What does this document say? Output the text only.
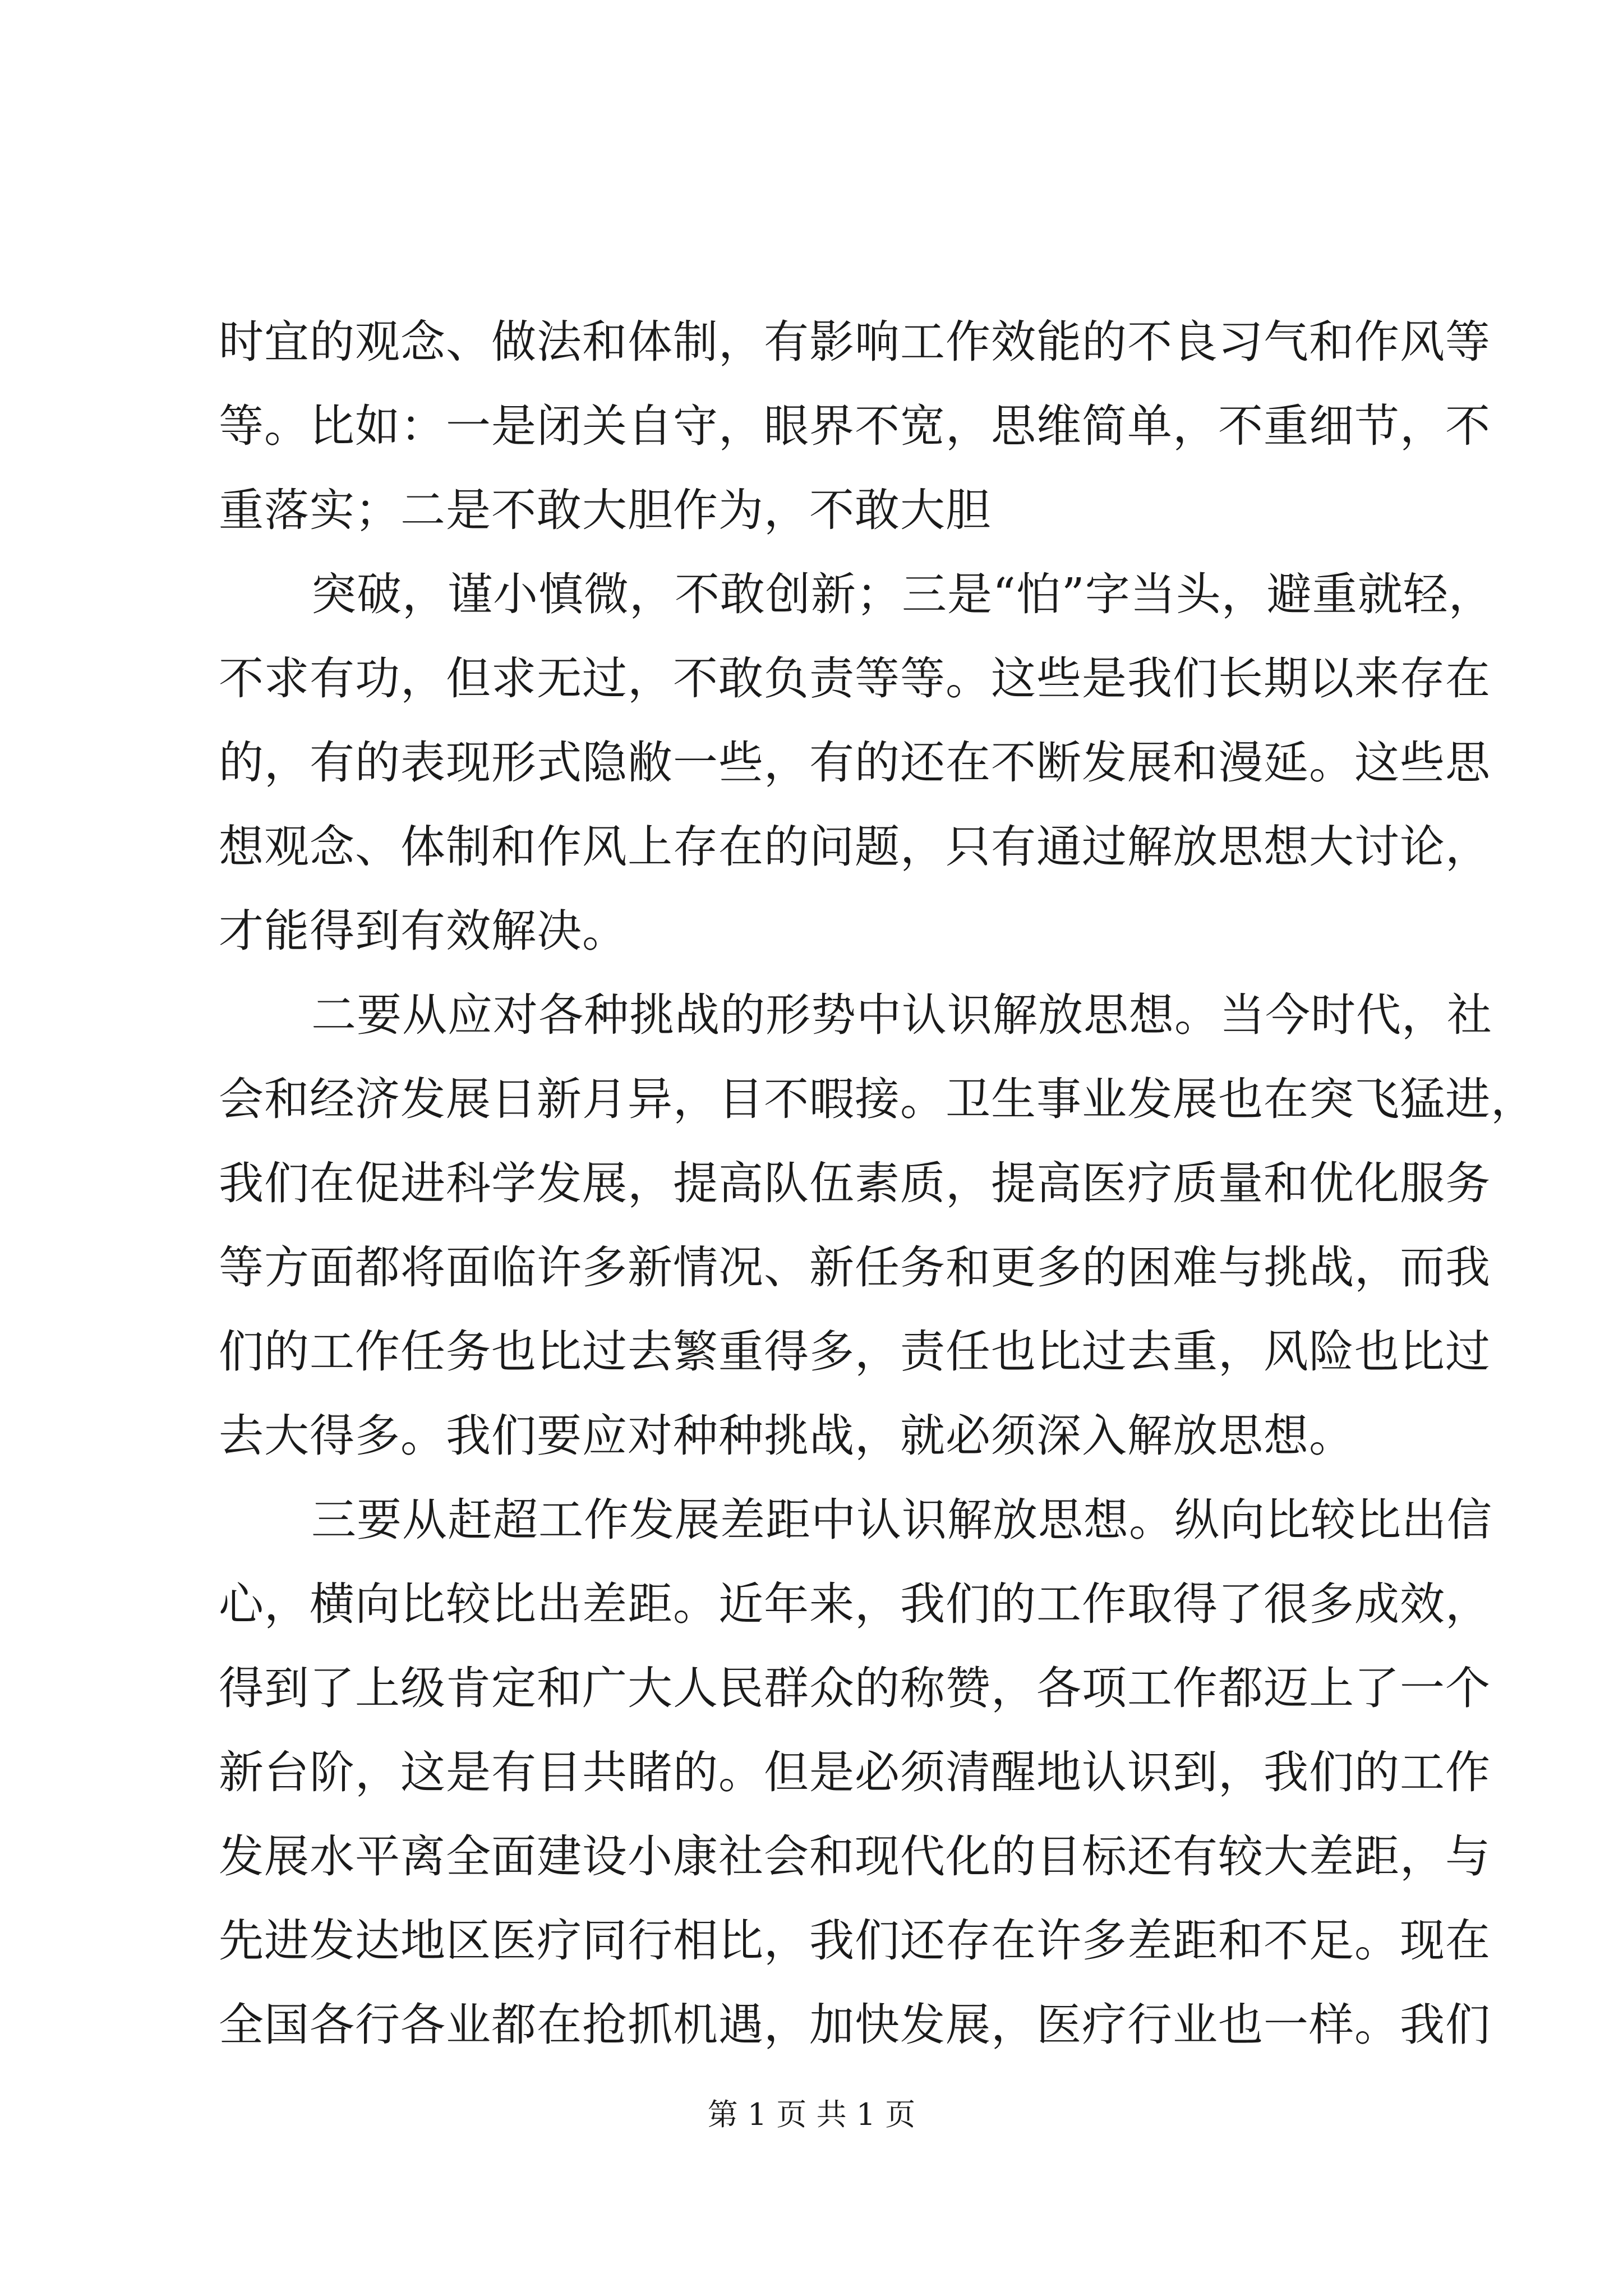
时宜的观念、做法和体制，有影响工作效能的不良习气和作风等
等。比如：一是闭关自守，眼界不宽，思维简单，不重细节，不
重落实；二是不敢大胆作为，不敢大胆
突破，谨小慎微，不敢创新；三是“怕”字当头，避重就轻，
不求有功，但求无过，不敢负责等等。这些是我们长期以来存在
的，有的表现形式隐敝一些，有的还在不断发展和漫延。这些思
想观念、体制和作风上存在的问题，只有通过解放思想大讨论，
才能得到有效解决。
二要从应对各种挑战的形势中认识解放思想。当今时代，社
会和经济发展日新月异，目不暇接。卫生事业发展也在突飞猛进，
我们在促进科学发展，提高队伍素质，提高医疗质量和优化服务
等方面都将面临许多新情况、新任务和更多的困难与挑战，而我
们的工作任务也比过去繁重得多，责任也比过去重，风险也比过
去大得多。我们要应对种种挑战，就必须深入解放思想。
三要从赶超工作发展差距中认识解放思想。纵向比较比出信
心，横向比较比出差距。近年来，我们的工作取得了很多成效，
得到了上级肯定和广大人民群众的称赞，各项工作都迈上了一个
新台阶，这是有目共睹的。但是必须清醒地认识到，我们的工作
发展水平离全面建设小康社会和现代化的目标还有较大差距，与
先进发达地区医疗同行相比，我们还存在许多差距和不足。现在
全国各行各业都在抢抓机遇，加快发展，医疗行业也一样。我们
第 1 页 共 1 页
